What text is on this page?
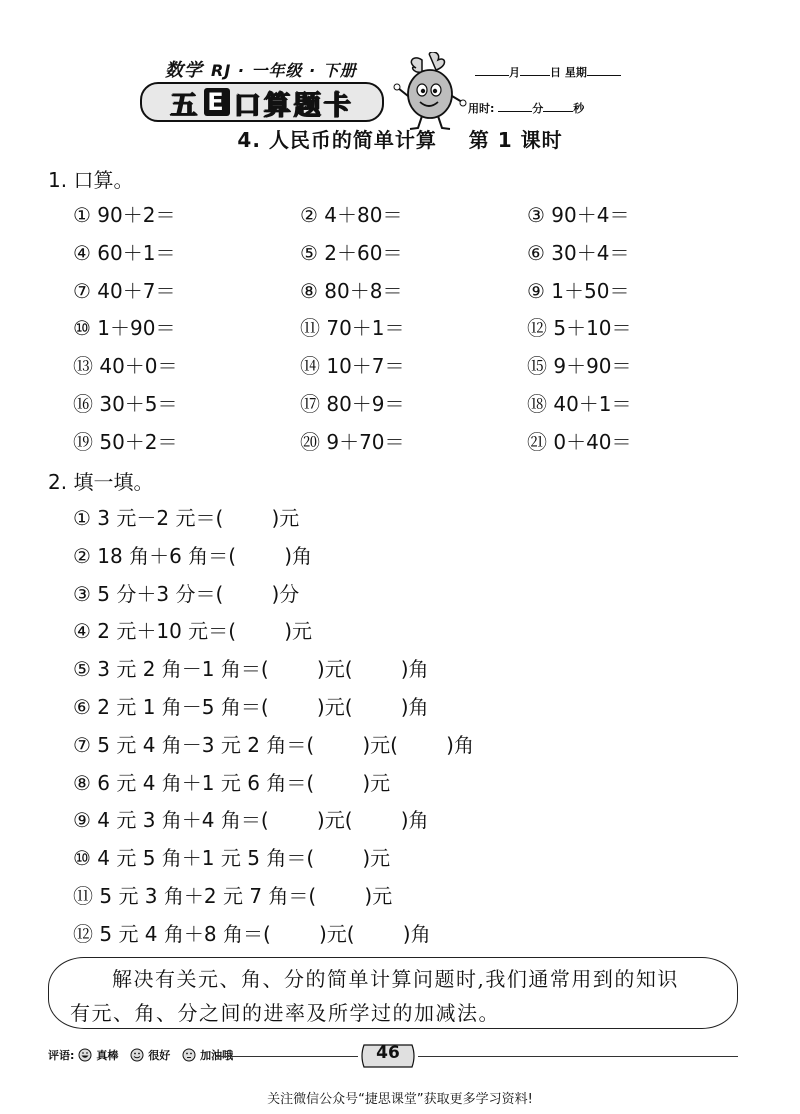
数学 RJ · 一年级 · 下册
五 E 口算题卡
月	日 星期
用时:	分	秒
4. 人民币的简单计算    第 1 课时
1. 口算。
① 90＋2＝	② 4＋80＝	③ 90＋4＝
④ 60＋1＝	⑤ 2＋60＝	⑥ 30＋4＝
⑦ 40＋7＝	⑧ 80＋8＝	⑨ 1＋50＝
⑩ 1＋90＝	⑪ 70＋1＝	⑫ 5＋10＝
⑬ 40＋0＝	⑭ 10＋7＝	⑮ 9＋90＝
⑯ 30＋5＝	⑰ 80＋9＝	⑱ 40＋1＝
⑲ 50＋2＝	⑳ 9＋70＝	㉑ 0＋40＝
2. 填一填。
① 3 元－2 元＝( )元
② 18 角＋6 角＝( )角
③ 5 分＋3 分＝( )分
④ 2 元＋10 元＝( )元
⑤ 3 元 2 角－1 角＝( )元( )角
⑥ 2 元 1 角－5 角＝( )元( )角
⑦ 5 元 4 角－3 元 2 角＝( )元( )角
⑧ 6 元 4 角＋1 元 6 角＝( )元
⑨ 4 元 3 角＋4 角＝( )元( )角
⑩ 4 元 5 角＋1 元 5 角＝( )元
⑪ 5 元 3 角＋2 元 7 角＝( )元
⑫ 5 元 4 角＋8 角＝( )元( )角
解决有关元、角、分的简单计算问题时,我们通常用到的知识
有元、角、分之间的进率及所学过的加减法。
评语: 真棒
	很好
	加油哦	46
关注微信公众号“捷思课堂”获取更多学习资料!
